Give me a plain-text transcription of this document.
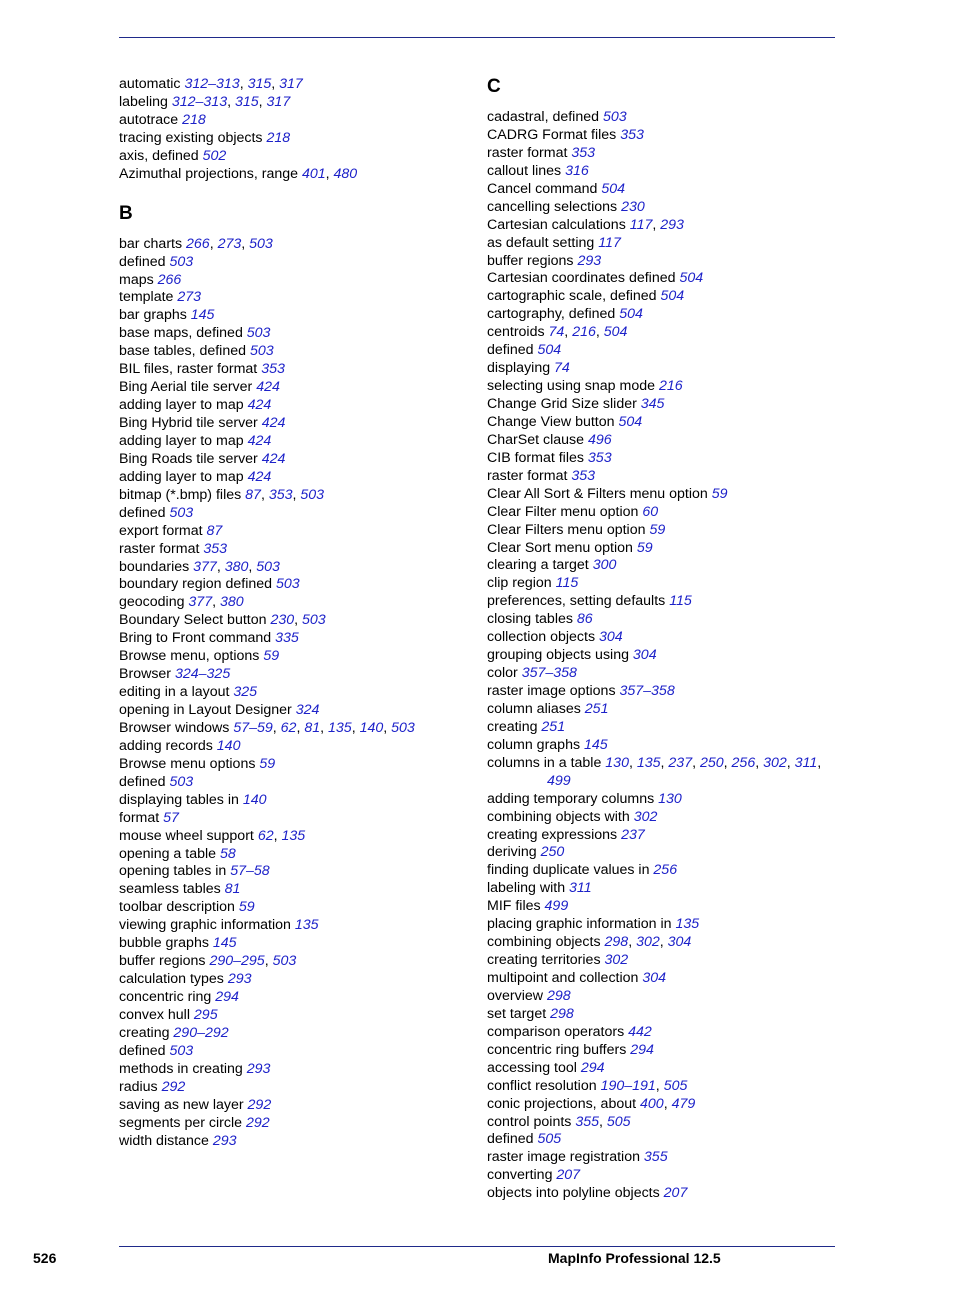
automatic 312–313, 315, 317
labeling 312–313, 315, 317
autotrace 218
tracing existing objects 218
axis, defined 502
Azimuthal projections, range 401, 480
B
bar charts 266, 273, 503
defined 503
maps 266
template 273
bar graphs 145
base maps, defined 503
base tables, defined 503
BIL files, raster format 353
Bing Aerial tile server 424
adding layer to map 424
Bing Hybrid tile server 424
adding layer to map 424
Bing Roads tile server 424
adding layer to map 424
bitmap (*.bmp) files 87, 353, 503
defined 503
export format 87
raster format 353
boundaries 377, 380, 503
boundary region defined 503
geocoding 377, 380
Boundary Select button 230, 503
Bring to Front command 335
Browse menu, options 59
Browser 324–325
editing in a layout 325
opening in Layout Designer 324
Browser windows 57–59, 62, 81, 135, 140, 503
adding records 140
Browse menu options 59
defined 503
displaying tables in 140
format 57
mouse wheel support 62, 135
opening a table 58
opening tables in 57–58
seamless tables 81
toolbar description 59
viewing graphic information 135
bubble graphs 145
buffer regions 290–295, 503
calculation types 293
concentric ring 294
convex hull 295
creating 290–292
defined 503
methods in creating 293
radius 292
saving as new layer 292
segments per circle 292
width distance 293
C
cadastral, defined 503
CADRG Format files 353
raster format 353
callout lines 316
Cancel command 504
cancelling selections 230
Cartesian calculations 117, 293
as default setting 117
buffer regions 293
Cartesian coordinates defined 504
cartographic scale, defined 504
cartography, defined 504
centroids 74, 216, 504
defined 504
displaying 74
selecting using snap mode 216
Change Grid Size slider 345
Change View button 504
CharSet clause 496
CIB format files 353
raster format 353
Clear All Sort & Filters menu option 59
Clear Filter menu option 60
Clear Filters menu option 59
Clear Sort menu option 59
clearing a target 300
clip region 115
preferences, setting defaults 115
closing tables 86
collection objects 304
grouping objects using 304
color 357–358
raster image options 357–358
column aliases 251
creating 251
column graphs 145
columns in a table 130, 135, 237, 250, 256, 302, 311,
499
adding temporary columns 130
combining objects with 302
creating expressions 237
deriving 250
finding duplicate values in 256
labeling with 311
MIF files 499
placing graphic information in 135
combining objects 298, 302, 304
creating territories 302
multipoint and collection 304
overview 298
set target 298
comparison operators 442
concentric ring buffers 294
accessing tool 294
conflict resolution 190–191, 505
conic projections, about 400, 479
control points 355, 505
defined 505
raster image registration 355
converting 207
objects into polyline objects 207
526	MapInfo Professional 12.5
